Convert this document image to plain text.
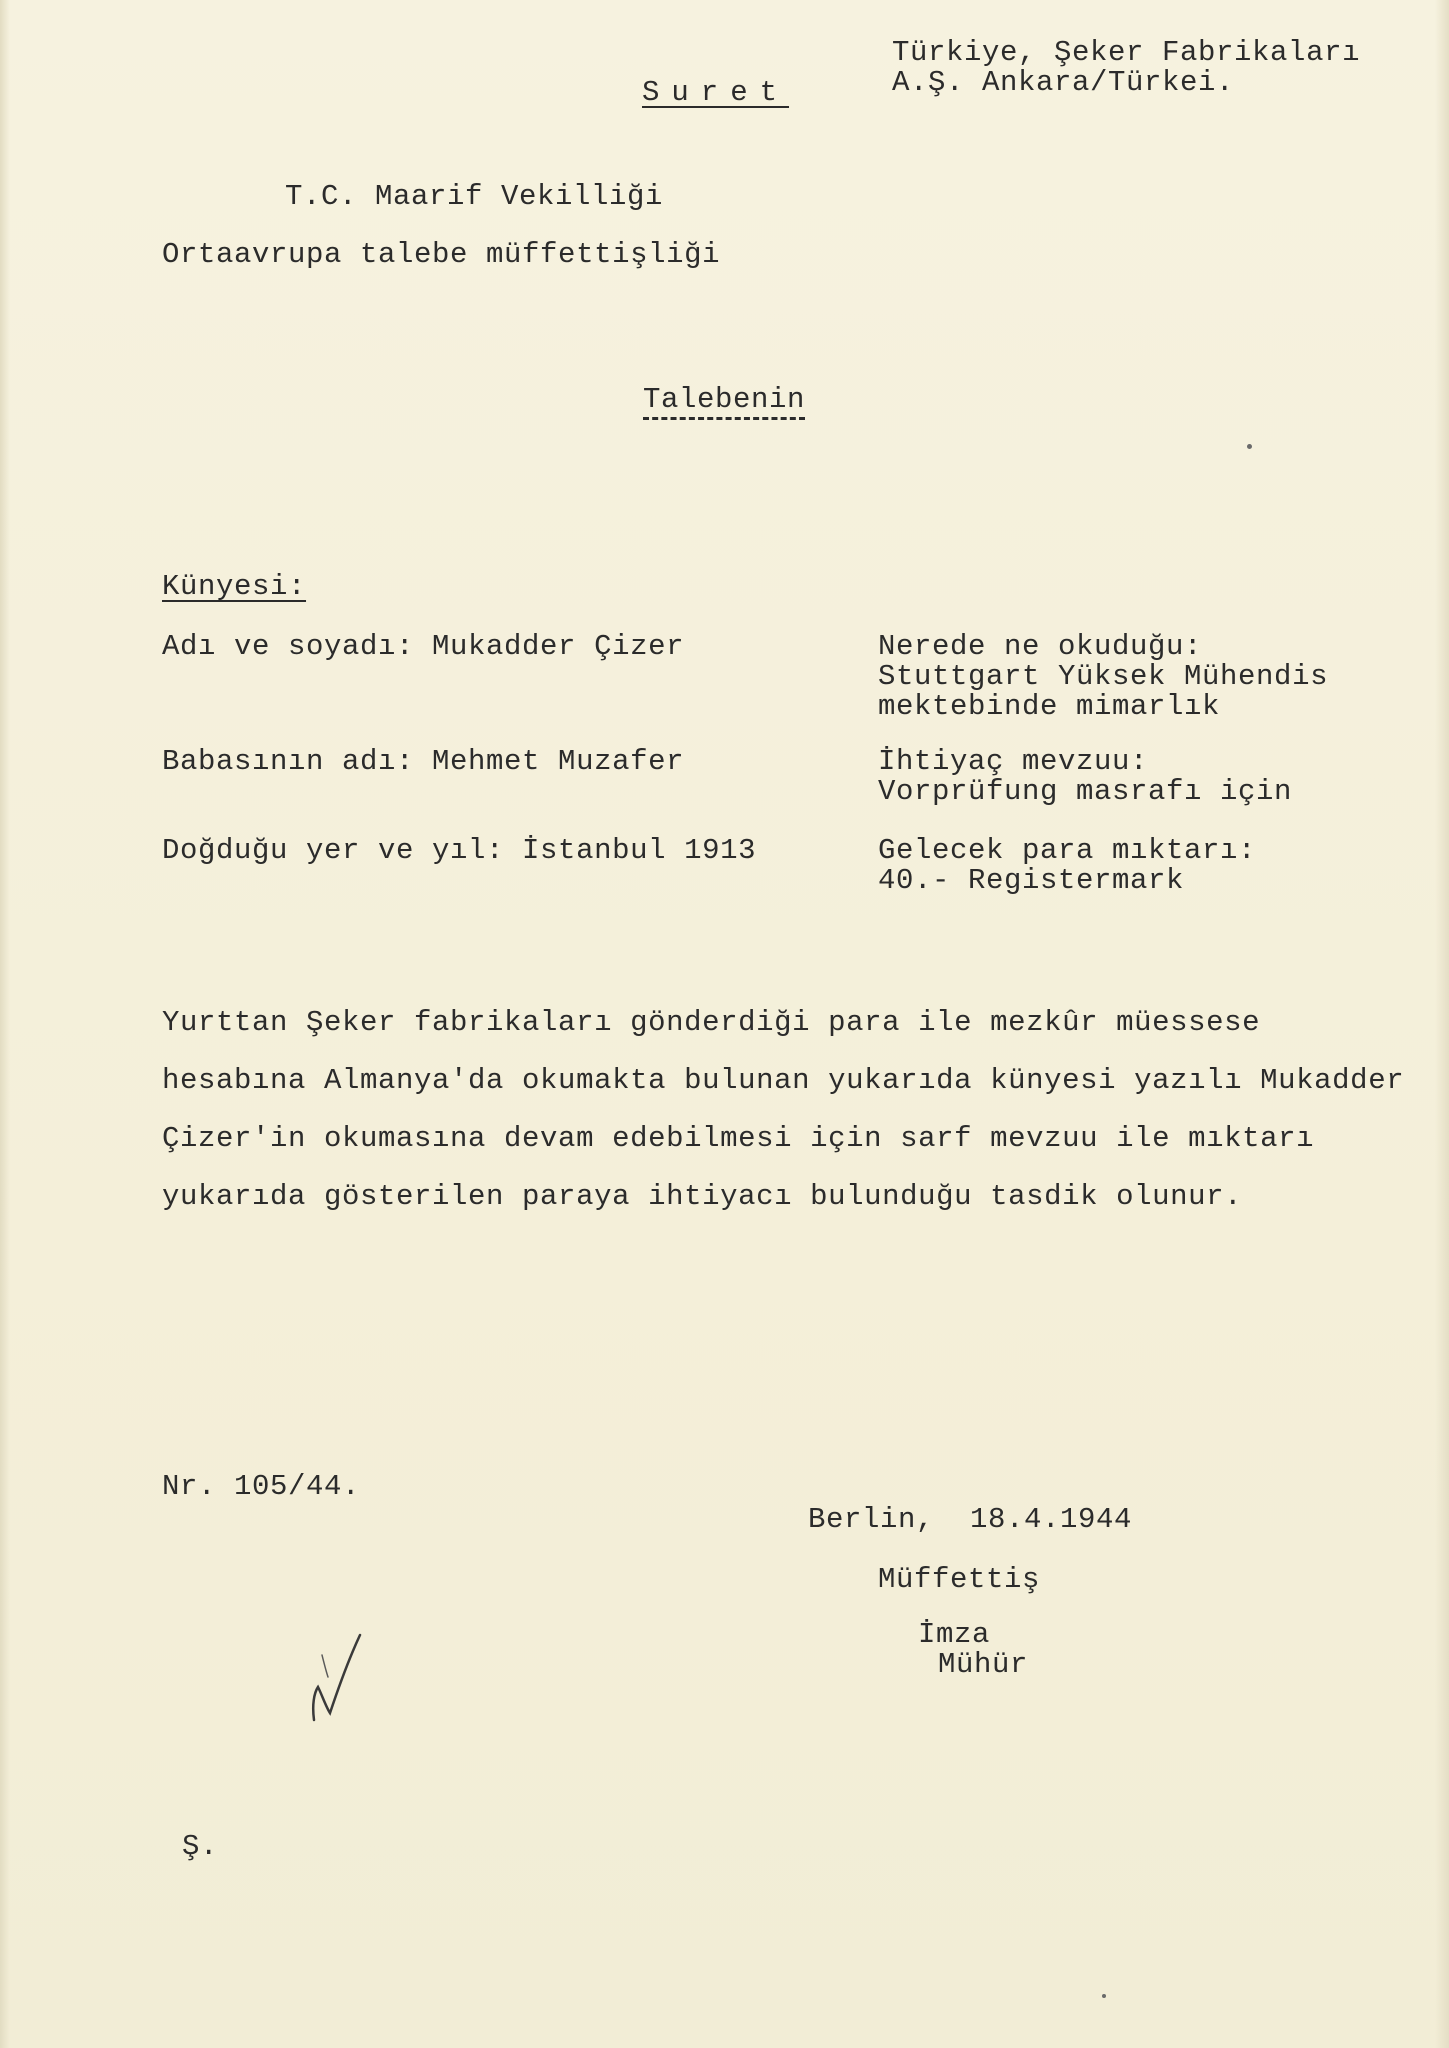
Suret
Türkiye, Şeker Fabrikaları
A.Ş. Ankara/Türkei.
T.C. Maarif Vekilliği
Ortaavrupa talebe müffettişliği
Talebenin
Künyesi:
Adı ve soyadı: Mukadder Çizer
Babasının adı: Mehmet Muzafer
Doğduğu yer ve yıl: İstanbul 1913
Nerede ne okuduğu:
Stuttgart Yüksek Mühendis
mektebinde mimarlık
İhtiyaç mevzuu:
Vorprüfung masrafı için
Gelecek para mıktarı:
40.- Registermark
Yurttan Şeker fabrikaları gönderdiği para ile mezkûr müessese
hesabına Almanya'da okumakta bulunan yukarıda künyesi yazılı Mukadder
Çizer'in okumasına devam edebilmesi için sarf mevzuu ile mıktarı
yukarıda gösterilen paraya ihtiyacı bulunduğu tasdik olunur.
Nr. 105/44.
Berlin,  18.4.1944
Müffettiş
İmza
Mühür
Ş.
